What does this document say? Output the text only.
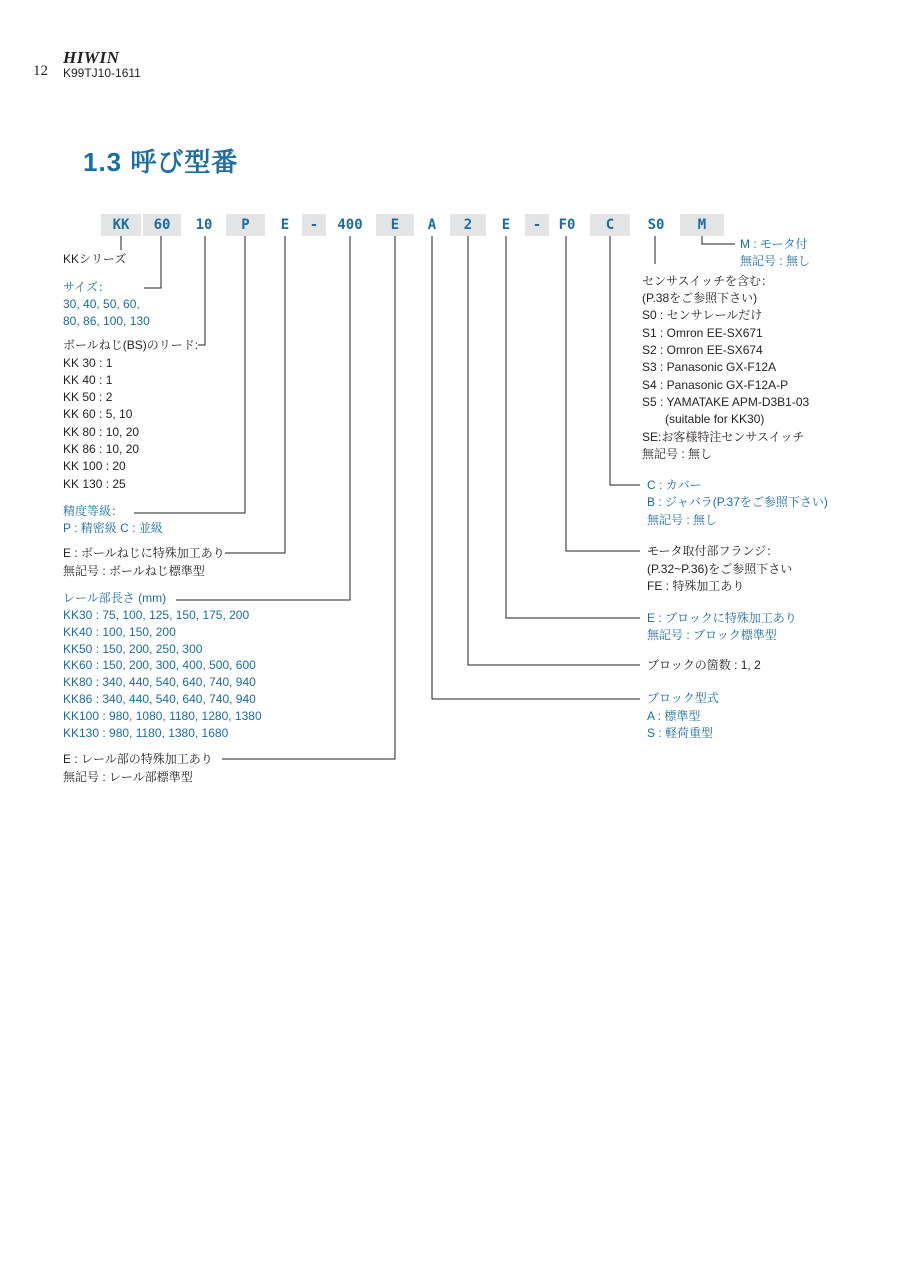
12
HIWIN
K99TJ10-1611
1.3 呼び型番
KK	60	10	P	E	-	400	E	A	2	E	-	F0	C	S0	M
KKシリーズ
サイズ：
30, 40, 50, 60,
80, 86, 100, 130
ボールねじ(BS)のリード:
KK 30 : 1
KK 40 : 1
KK 50 : 2
KK 60 : 5, 10
KK 80 : 10, 20
KK 86 : 10, 20
KK 100 : 20
KK 130 : 25
精度等級：
P : 精密級 C : 並級
E : ボールねじに特殊加工あり
無記号 : ボールねじ標準型
レール部長さ (mm)
KK30 : 75, 100, 125, 150, 175, 200
KK40 : 100, 150, 200
KK50 : 150, 200, 250, 300
KK60 : 150, 200, 300, 400, 500, 600
KK80 : 340, 440, 540, 640, 740, 940
KK86 : 340, 440, 540, 640, 740, 940
KK100 : 980, 1080, 1180, 1280, 1380
KK130 : 980, 1180, 1380, 1680
E : レール部の特殊加工あり
無記号 : レール部標準型
M : モータ付
無記号 : 無し
センサスイッチを含む：
(P.38をご参照下さい)
S0 : センサレールだけ
S1 : Omron EE-SX671
S2 : Omron EE-SX674
S3 : Panasonic GX-F12A
S4 : Panasonic GX-F12A-P
S5 : YAMATAKE APM-D3B1-03
(suitable for KK30)
SE:お客様特注センサスイッチ
無記号 : 無し
C : カバー
B : ジャバラ(P.37をご参照下さい)
無記号 : 無し
モータ取付部フランジ：
(P.32~P.36)をご参照下さい
FE : 特殊加工あり
E : ブロックに特殊加工あり
無記号 : ブロック標準型
ブロックの箇数 : 1, 2
ブロック型式
A : 標準型
S : 軽荷重型
